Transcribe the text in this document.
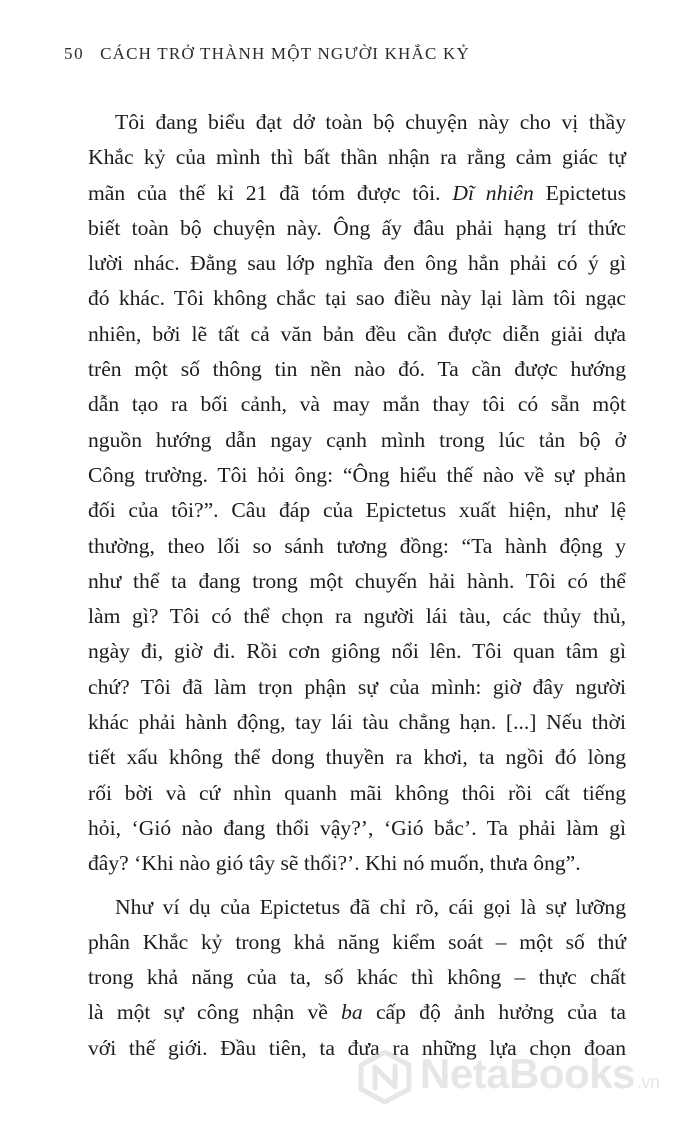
50 CÁCH TRỞ THÀNH MỘT NGƯỜI KHẮC KỶ
Tôi đang biểu đạt dở toàn bộ chuyện này cho vị thầy
Khắc kỷ của mình thì bất thần nhận ra rằng cảm giác tự
mãn của thế kỉ 21 đã tóm được tôi. Dĩ nhiên Epictetus
biết toàn bộ chuyện này. Ông ấy đâu phải hạng trí thức
lười nhác. Đằng sau lớp nghĩa đen ông hẳn phải có ý gì
đó khác. Tôi không chắc tại sao điều này lại làm tôi ngạc
nhiên, bởi lẽ tất cả văn bản đều cần được diễn giải dựa
trên một số thông tin nền nào đó. Ta cần được hướng
dẫn tạo ra bối cảnh, và may mắn thay tôi có sẵn một
nguồn hướng dẫn ngay cạnh mình trong lúc tản bộ ở
Công trường. Tôi hỏi ông: “Ông hiểu thế nào về sự phản
đối của tôi?”. Câu đáp của Epictetus xuất hiện, như lệ
thường, theo lối so sánh tương đồng: “Ta hành động y
như thể ta đang trong một chuyến hải hành. Tôi có thể
làm gì? Tôi có thể chọn ra người lái tàu, các thủy thủ,
ngày đi, giờ đi. Rồi cơn giông nổi lên. Tôi quan tâm gì
chứ? Tôi đã làm trọn phận sự của mình: giờ đây người
khác phải hành động, tay lái tàu chẳng hạn. [...] Nếu thời
tiết xấu không thể dong thuyền ra khơi, ta ngồi đó lòng
rối bời và cứ nhìn quanh mãi không thôi rồi cất tiếng
hỏi, ‘Gió nào đang thổi vậy?’, ‘Gió bắc’. Ta phải làm gì
đây? ‘Khi nào gió tây sẽ thổi?’. Khi nó muốn, thưa ông”.
Như ví dụ của Epictetus đã chỉ rõ, cái gọi là sự lưỡng
phân Khắc kỷ trong khả năng kiểm soát – một số thứ
trong khả năng của ta, số khác thì không – thực chất
là một sự công nhận về ba cấp độ ảnh hưởng của ta
với thế giới. Đầu tiên, ta đưa ra những lựa chọn đoan
NetaBooks .vn
